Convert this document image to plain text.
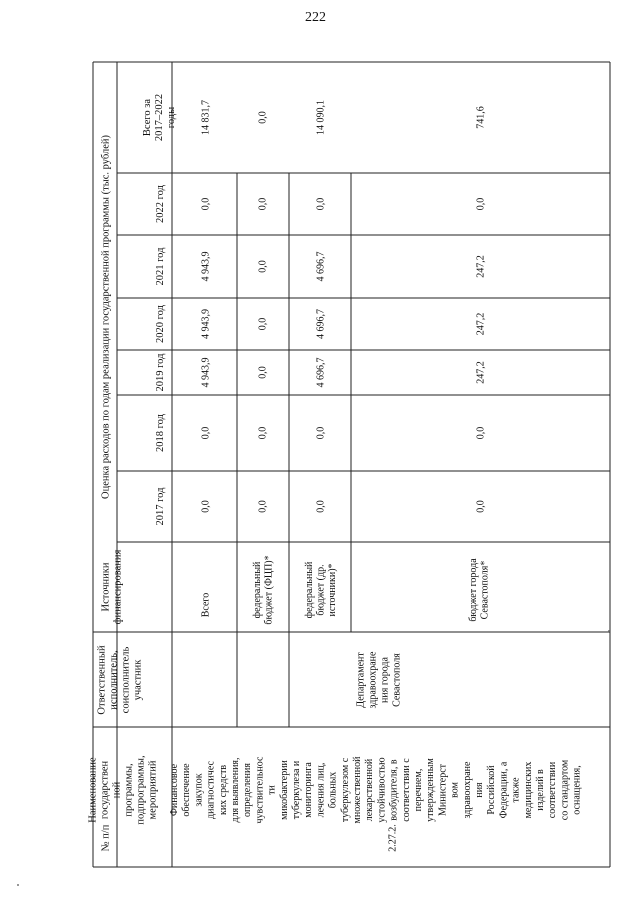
222
№ п/п
Наименование государствен ной программы, подпрограммы, мероприятий
Ответственный исполнитель, соисполнитель участник
Источники финансирования
Оценка расходов по годам реализации государственной программы (тыс. рублей)
2017 год
2018 год
2019 год
2020 год
2021 год
2022 год
Всего за 2017–2022 годы
Всего
0,0
0,0
4 943,9
4 943,9
4 943,9
0,0
14 831,7
федеральный бюджет (ФЦП)*
0,0
0,0
0,0
0,0
0,0
0,0
0,0
федеральный бюджет (др. источники)*
0,0
0,0
4 696,7
4 696,7
4 696,7
0,0
14 090,1
бюджет города Севастополя*
0,0
0,0
247,2
247,2
247,2
0,0
741,6
Финансовое обеспечение закупок диагностичес ких средств для выявления, определения чувствительнос ти микобактерии туберкулеза и мониторинга лечения лиц, больных туберкулезом с множественной лекарственной устойчивостью возбудителя, в соответствии с перечнем, утвержденным Министерст вом здравоохране ния Российской Федерации, а также медицинских изделий в соответствии со стандартом оснащения,
2.27.2.
Департамент здравоохране ния города Севастополя
